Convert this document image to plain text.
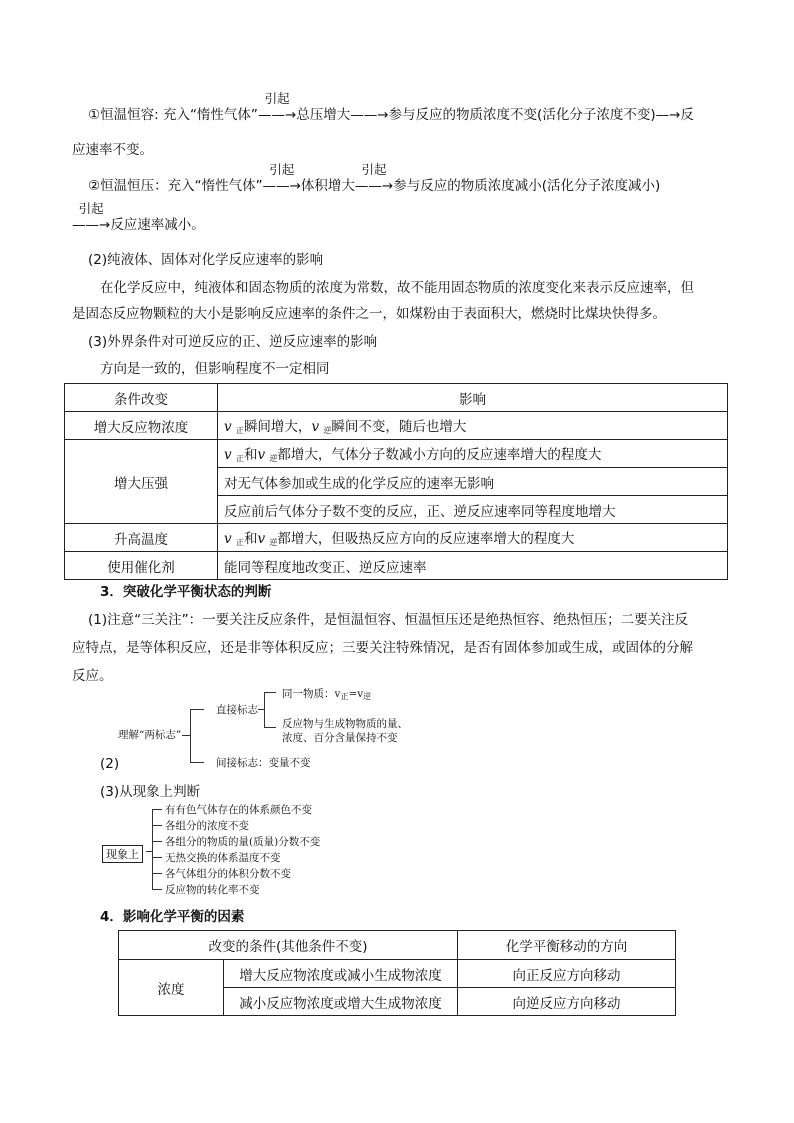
①恒温恒容: 充入“惰性气体”——→
引起
总压增大——→参与反应的物质浓度不变(活化分子浓度不变)—→反
应速率不变。
②恒温恒压：充入“惰性气体”——→
引起
体积增大——→
引起
参与反应的物质浓度减小(活化分子浓度减小)
——→
引起
反应速率减小。
(2)纯液体、固体对化学反应速率的影响
在化学反应中，纯液体和固态物质的浓度为常数，故不能用固态物质的浓度变化来表示反应速率，但
是固态反应物颗粒的大小是影响反应速率的条件之一，如煤粉由于表面积大，燃烧时比煤块快得多。
(3)外界条件对可逆反应的正、逆反应速率的影响
方向是一致的，但影响程度不一定相同
条件改变	影响
增大反应物浓度	v $_正$瞬间增大，v $_逆$瞬间不变，随后也增大
增大压强	v $_正$和v $_逆$都增大，气体分子数减小方向的反应速率增大的程度大
	对无气体参加或生成的化学反应的速率无影响
	反应前后气体分子数不变的反应，正、逆反应速率同等程度地增大
升高温度	v $_正$和v $_逆$都增大，但吸热反应方向的反应速率增大的程度大
使用催化剂	能同等程度地改变正、逆反应速率
3．突破化学平衡状态的判断
(1)注意“三关注”：一要关注反应条件，是恒温恒容、恒温恒压还是绝热恒容、绝热恒压；二要关注反
应特点，是等体积反应，还是非等体积反应；三要关注特殊情况，是否有固体参加或生成，或固体的分解
反应。
理解“两标志”
直接标志
同一物质：$v_正=v_逆$
反应物与生成物物质的量、
浓度、百分含量保持不变
间接标志：变量不变
(2)
(3)从现象上判断
现象上
有有色气体存在的体系颜色不变
各组分的浓度不变
各组分的物质的量(质量)分数不变
无热交换的体系温度不变
各气体组分的体积分数不变
反应物的转化率不变
4．影响化学平衡的因素
改变的条件(其他条件不变)		化学平衡移动的方向
浓度	增大反应物浓度或减小生成物浓度	向正反应方向移动
	减小反应物浓度或增大生成物浓度	向逆反应方向移动
